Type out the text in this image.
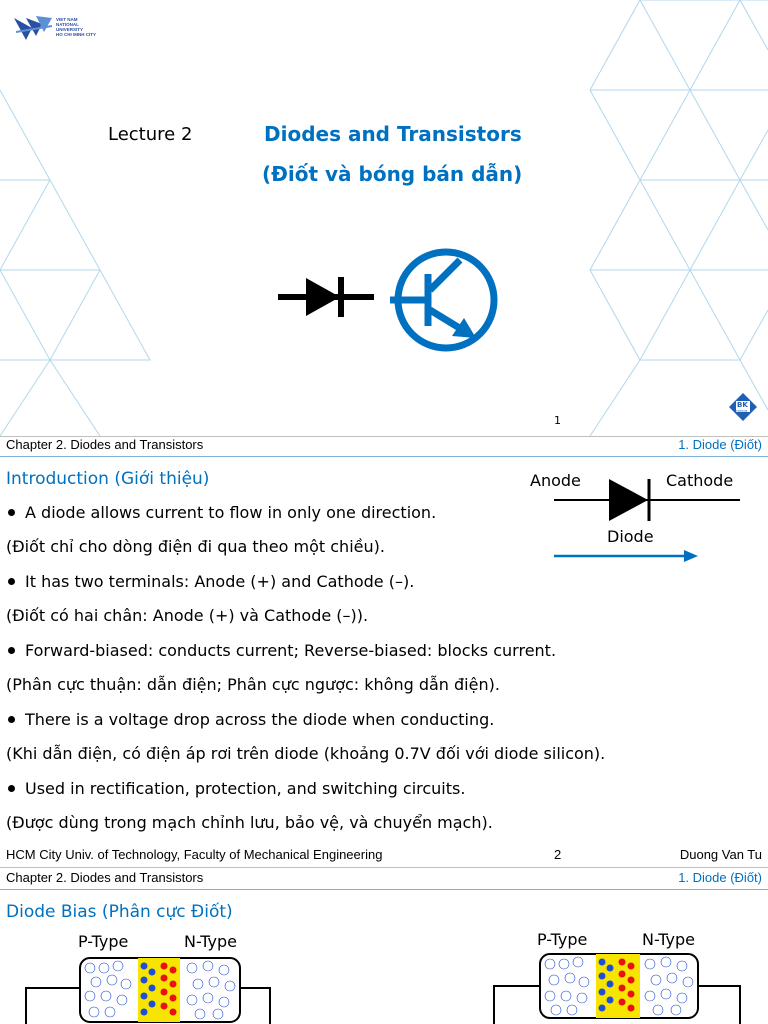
VIET NAM
NATIONAL
UNIVERSITY
HO CHI MINH CITY
Lecture 2	Diodes and Transistors
(Điốt và bóng bán dẫn)
1
BK
TP.HCM
Chapter 2. Diodes and Transistors	1. Diode (Điốt)
Introduction (Giới thiệu)	Anode	Cathode
Diode
A diode allows current to flow in only one direction.
(Điốt chỉ cho dòng điện đi qua theo một chiều).
It has two terminals: Anode (+) and Cathode (–).
(Điốt có hai chân: Anode (+) và Cathode (–)).
Forward-biased: conducts current; Reverse-biased: blocks current.
(Phân cực thuận: dẫn điện; Phân cực ngược: không dẫn điện).
There is a voltage drop across the diode when conducting.
(Khi dẫn điện, có điện áp rơi trên diode (khoảng 0.7V đối với diode silicon).
Used in rectification, protection, and switching circuits.
(Được dùng trong mạch chỉnh lưu, bảo vệ, và chuyển mạch).
HCM City Univ. of Technology, Faculty of Mechanical Engineering	2	Duong Van Tu
Chapter 2. Diodes and Transistors	1. Diode (Điốt)
Diode Bias (Phân cực Điốt)
P-Type	N-Type	P-Type	N-Type
